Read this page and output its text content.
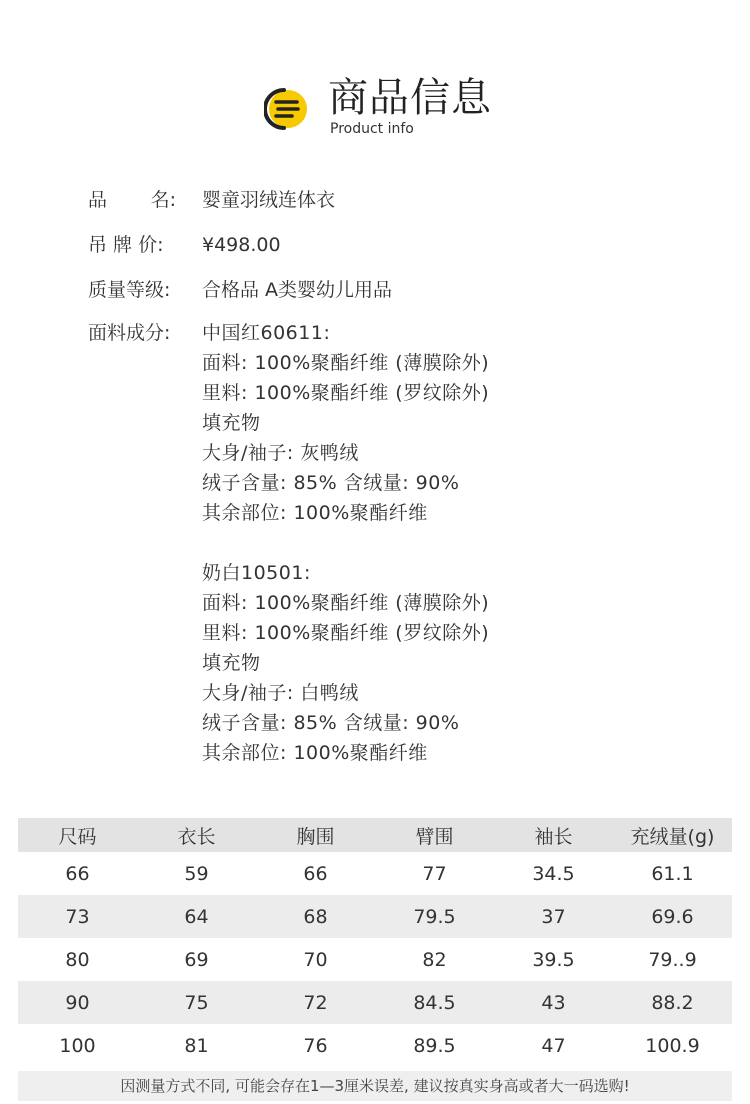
商品信息
Product info
品 名: 婴童羽绒连体衣
吊 牌 价:	¥498.00
质量等级:	合格品 A类婴幼儿用品
面料成分:	中国红60611:
面料: 100%聚酯纤维 (薄膜除外)
里料: 100%聚酯纤维 (罗纹除外)
填充物
大身/袖子: 灰鸭绒
绒子含量: 85% 含绒量: 90%
其余部位: 100%聚酯纤维
奶白10501:
面料: 100%聚酯纤维 (薄膜除外)
里料: 100%聚酯纤维 (罗纹除外)
填充物
大身/袖子: 白鸭绒
绒子含量: 85% 含绒量: 90%
其余部位: 100%聚酯纤维
尺码	衣长	胸围	臂围	袖长	充绒量(g)
66	59	66	77	34.5	61.1
73	64	68	79.5	37	69.6
80	69	70	82	39.5	79..9
90	75	72	84.5	43	88.2
100	81	76	89.5	47	100.9
因测量方式不同, 可能会存在1—3厘米误差, 建议按真实身高或者大一码选购!
